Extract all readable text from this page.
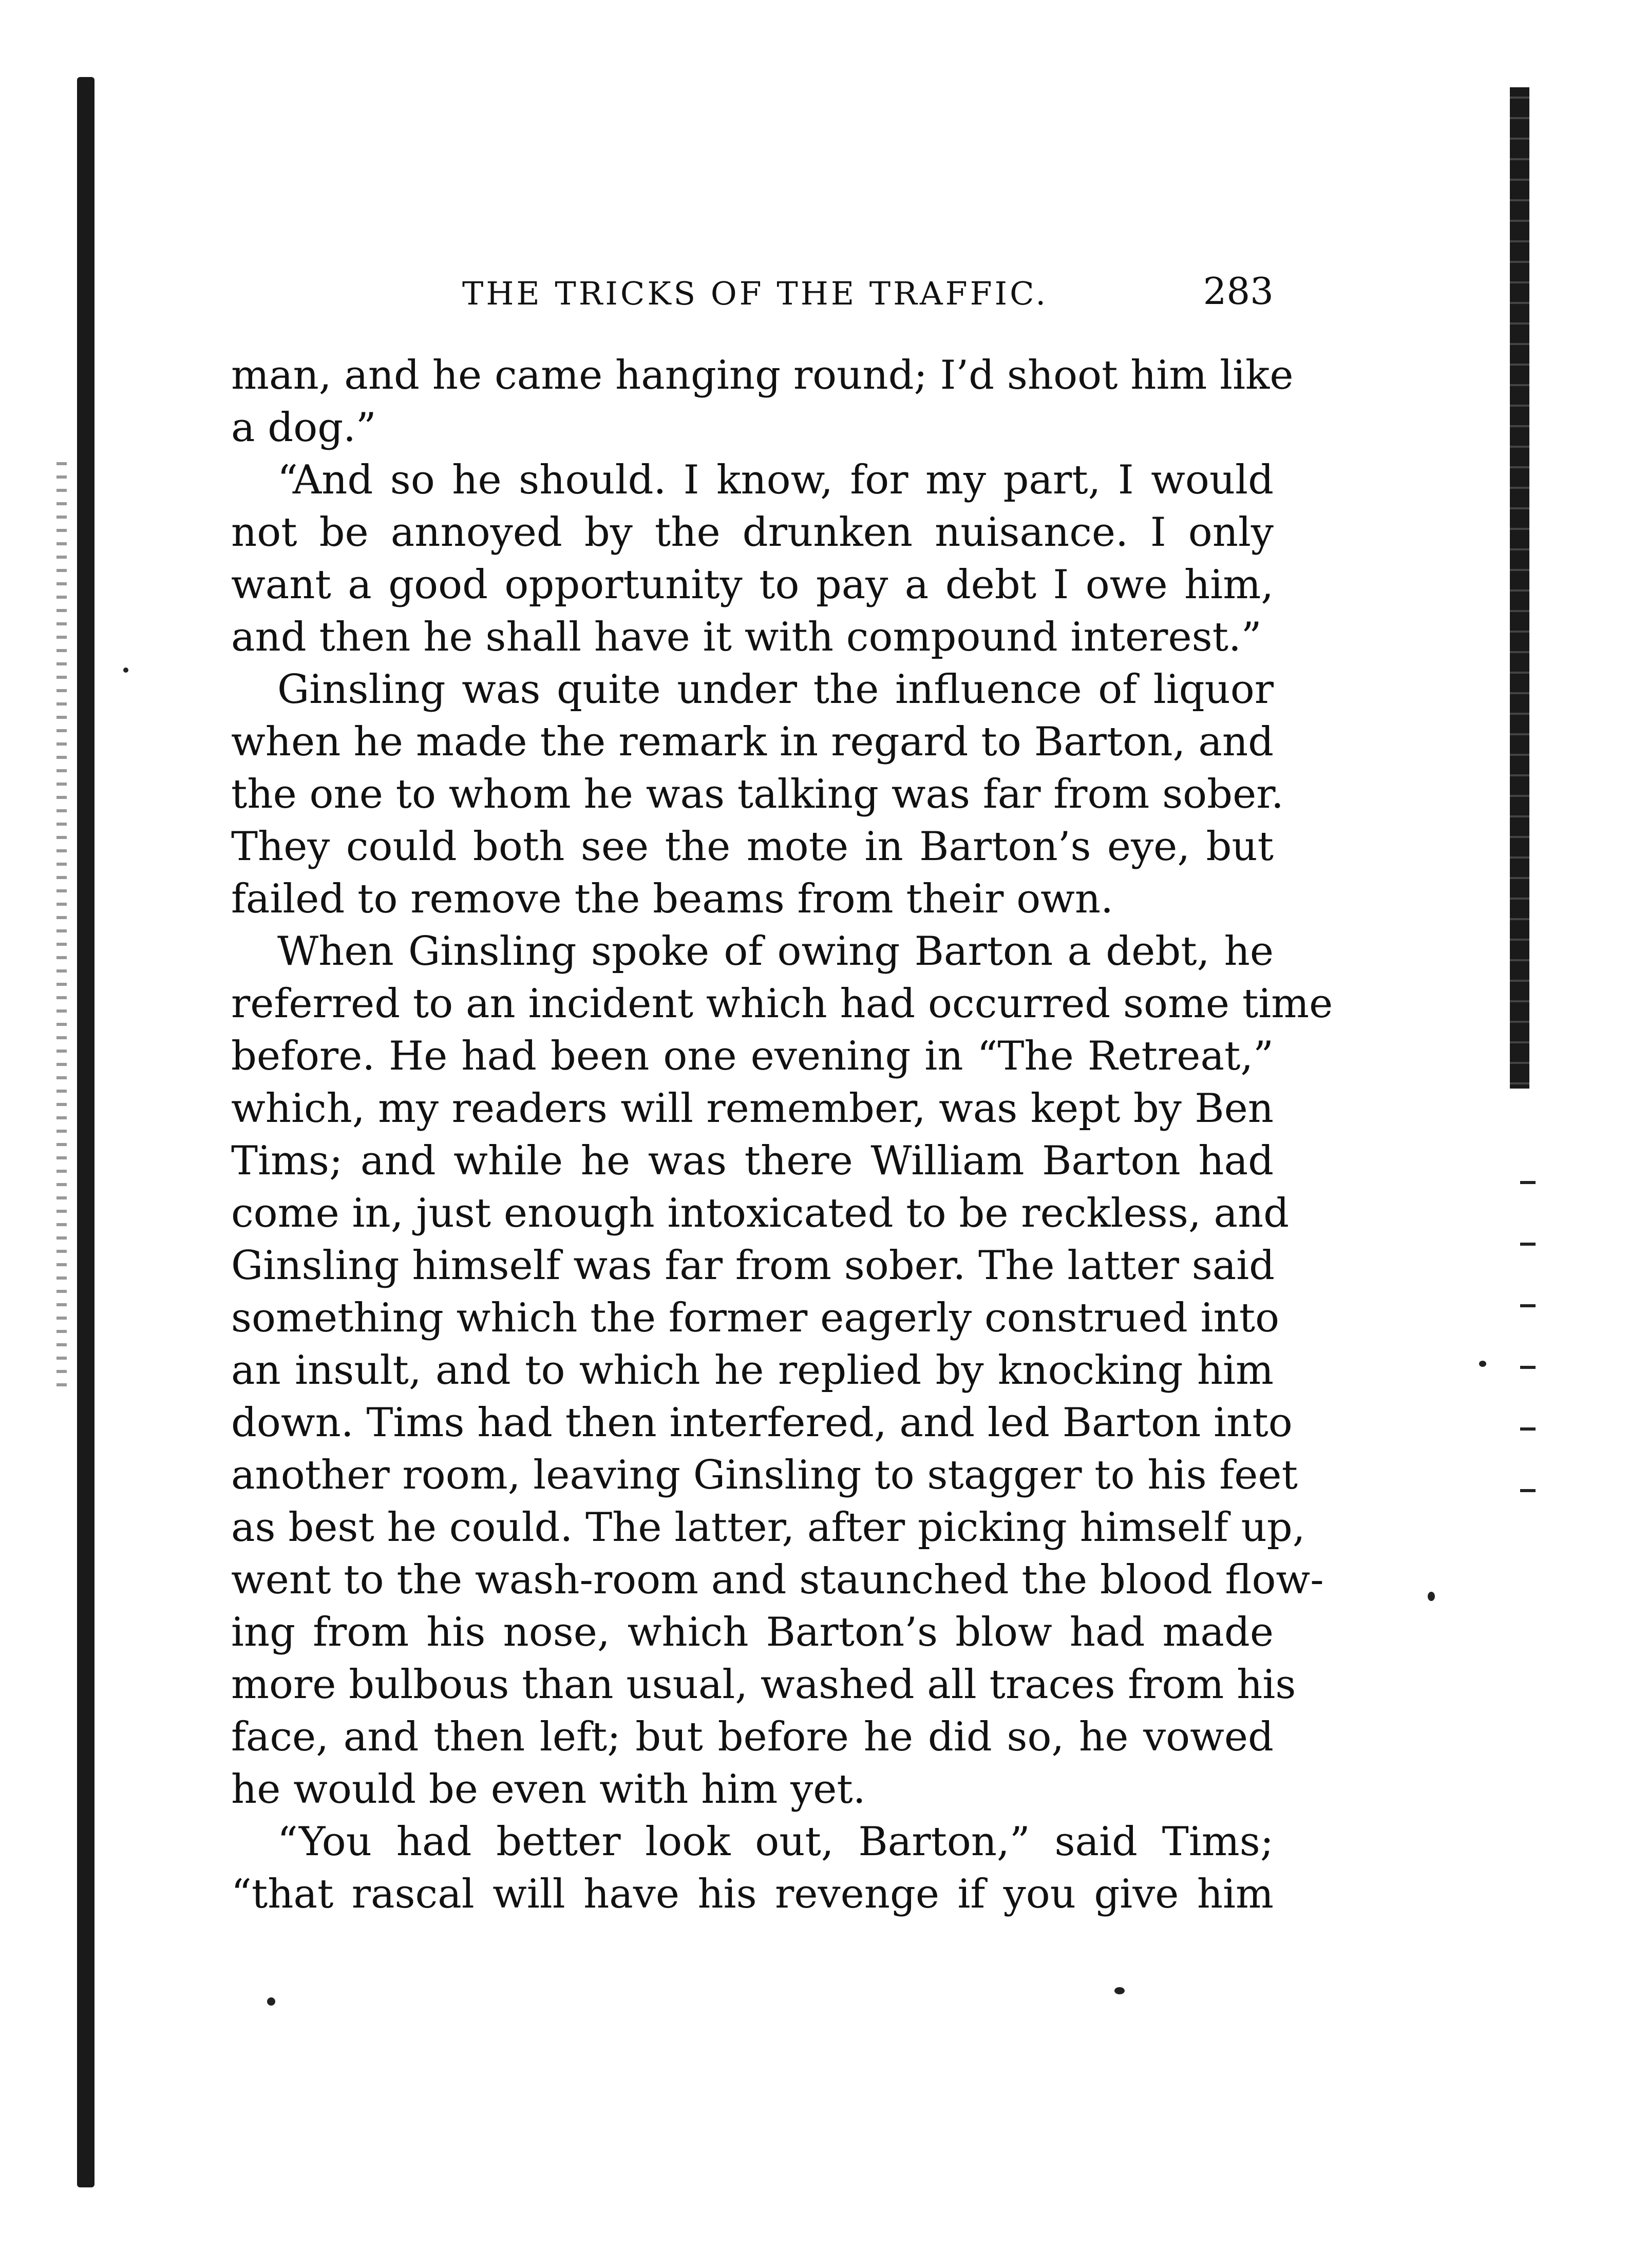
THE TRICKS OF THE TRAFFIC.	283
man, and he came hanging round; I’d shoot him like
a dog.”
“And so he should. I know, for my part, I would
not be annoyed by the drunken nuisance. I only
want a good opportunity to pay a debt I owe him,
and then he shall have it with compound interest.”
Ginsling was quite under the influence of liquor
when he made the remark in regard to Barton, and
the one to whom he was talking was far from sober.
They could both see the mote in Barton’s eye, but
failed to remove the beams from their own.
When Ginsling spoke of owing Barton a debt, he
referred to an incident which had occurred some time
before. He had been one evening in “The Retreat,”
which, my readers will remember, was kept by Ben
Tims; and while he was there William Barton had
come in, just enough intoxicated to be reckless, and
Ginsling himself was far from sober. The latter said
something which the former eagerly construed into
an insult, and to which he replied by knocking him
down. Tims had then interfered, and led Barton into
another room, leaving Ginsling to stagger to his feet
as best he could. The latter, after picking himself up,
went to the wash-room and staunched the blood flow-
ing from his nose, which Barton’s blow had made
more bulbous than usual, washed all traces from his
face, and then left; but before he did so, he vowed
he would be even with him yet.
“You had better look out, Barton,” said Tims;
“that rascal will have his revenge if you give him
